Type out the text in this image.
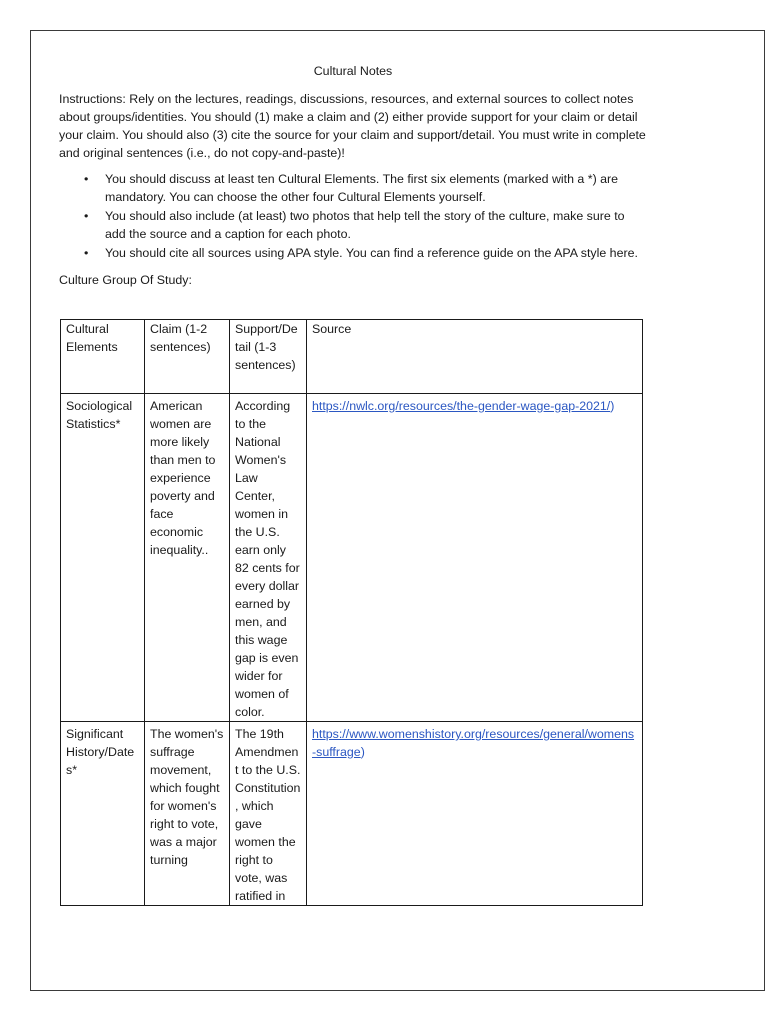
Cultural Notes

Instructions: Rely on the lectures, readings, discussions, resources, and external sources to collect notes about groups/identities. You should (1) make a claim and (2) either provide support for your claim or detail your claim. You should also (3) cite the source for your claim and support/detail. You must write in complete and original sentences (i.e., do not copy-and-paste)!

• You should discuss at least ten Cultural Elements. The first six elements (marked with a *) are mandatory. You can choose the other four Cultural Elements yourself.
• You should also include (at least) two photos that help tell the story of the culture, make sure to add the source and a caption for each photo.
• You should cite all sources using APA style. You can find a reference guide on the APA style here.

Culture Group Of Study:

Cultural Elements	Claim (1-2 sentences)	Support/Detail (1-3 sentences)	Source
Sociological Statistics*	American women are more likely than men to experience poverty and face economic inequality..	According to the National Women's Law Center, women in the U.S. earn only 82 cents for every dollar earned by men, and this wage gap is even wider for women of color.	https://nwlc.org/resources/the-gender-wage-gap-2021/)

Significant History/Dates*	The women's suffrage movement, which fought for women's right to vote, was a major turning	The 19th Amendment to the U.S. Constitution, which gave women the right to vote, was ratified in	https://www.womenshistory.org/resources/general/womens-suffrage)
